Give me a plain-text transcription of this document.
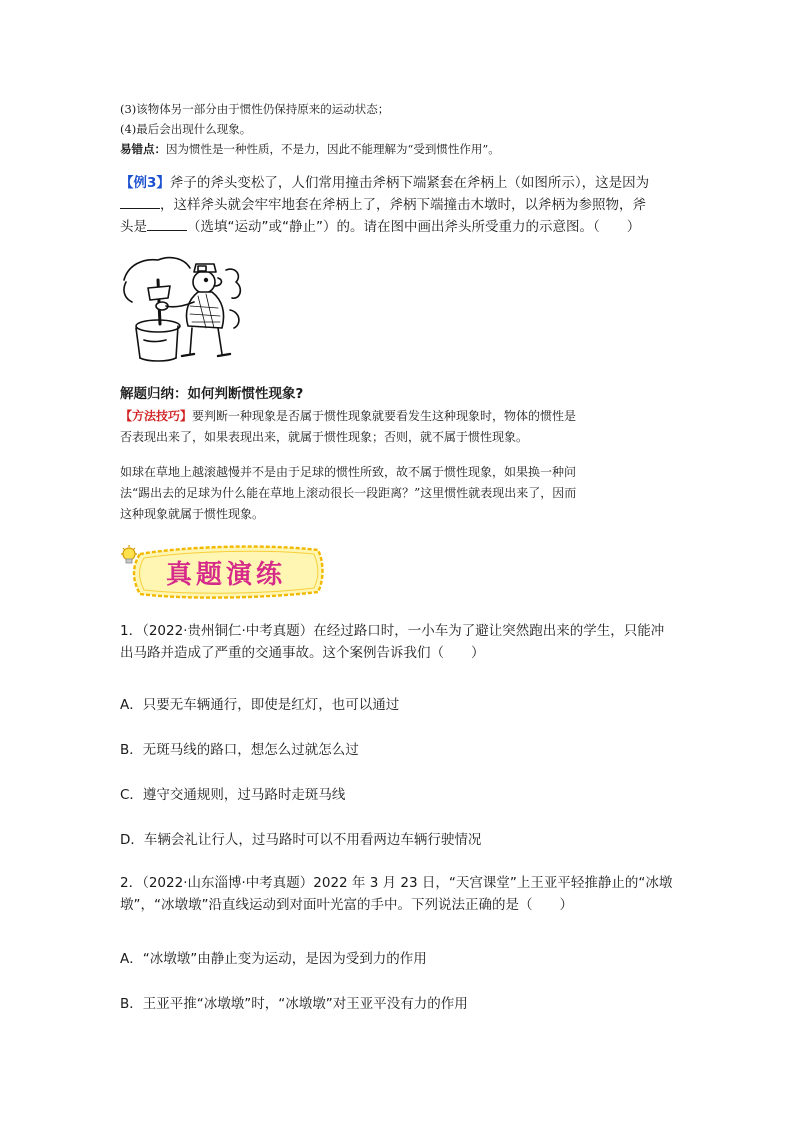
(3)该物体另一部分由于惯性仍保持原来的运动状态；
(4)最后会出现什么现象。
易错点：因为惯性是一种性质，不是力，因此不能理解为“受到惯性作用”。
【例3】斧子的斧头变松了，人们常用撞击斧柄下端紧套在斧柄上（如图所示），这是因为
，这样斧头就会牢牢地套在斧柄上了，斧柄下端撞击木墩时，以斧柄为参照物，斧
头是	（选填“运动”或“静止”）的。请在图中画出斧头所受重力的示意图。（　　）
解题归纳：如何判断惯性现象?
【方法技巧】要判断一种现象是否属于惯性现象就要看发生这种现象时，物体的惯性是
否表现出来了，如果表现出来，就属于惯性现象；否则，就不属于惯性现象。
如球在草地上越滚越慢并不是由于足球的惯性所致，故不属于惯性现象，如果换一种问
法“踢出去的足球为什么能在草地上滚动很长一段距离？”这里惯性就表现出来了，因而
这种现象就属于惯性现象。
真题演练
1．（2022·贵州铜仁·中考真题）在经过路口时，一小车为了避让突然跑出来的学生，只能冲
出马路并造成了严重的交通事故。这个案例告诉我们（　　）
A．只要无车辆通行，即使是红灯，也可以通过
B．无斑马线的路口，想怎么过就怎么过
C．遵守交通规则，过马路时走斑马线
D．车辆会礼让行人，过马路时可以不用看两边车辆行驶情况
2．（2022·山东淄博·中考真题）2022 年 3 月 23 日，“天宫课堂”上王亚平轻推静止的“冰墩
墩”，“冰墩墩”沿直线运动到对面叶光富的手中。下列说法正确的是（　　）
A．“冰墩墩”由静止变为运动，是因为受到力的作用
B．王亚平推“冰墩墩”时，“冰墩墩”对王亚平没有力的作用
